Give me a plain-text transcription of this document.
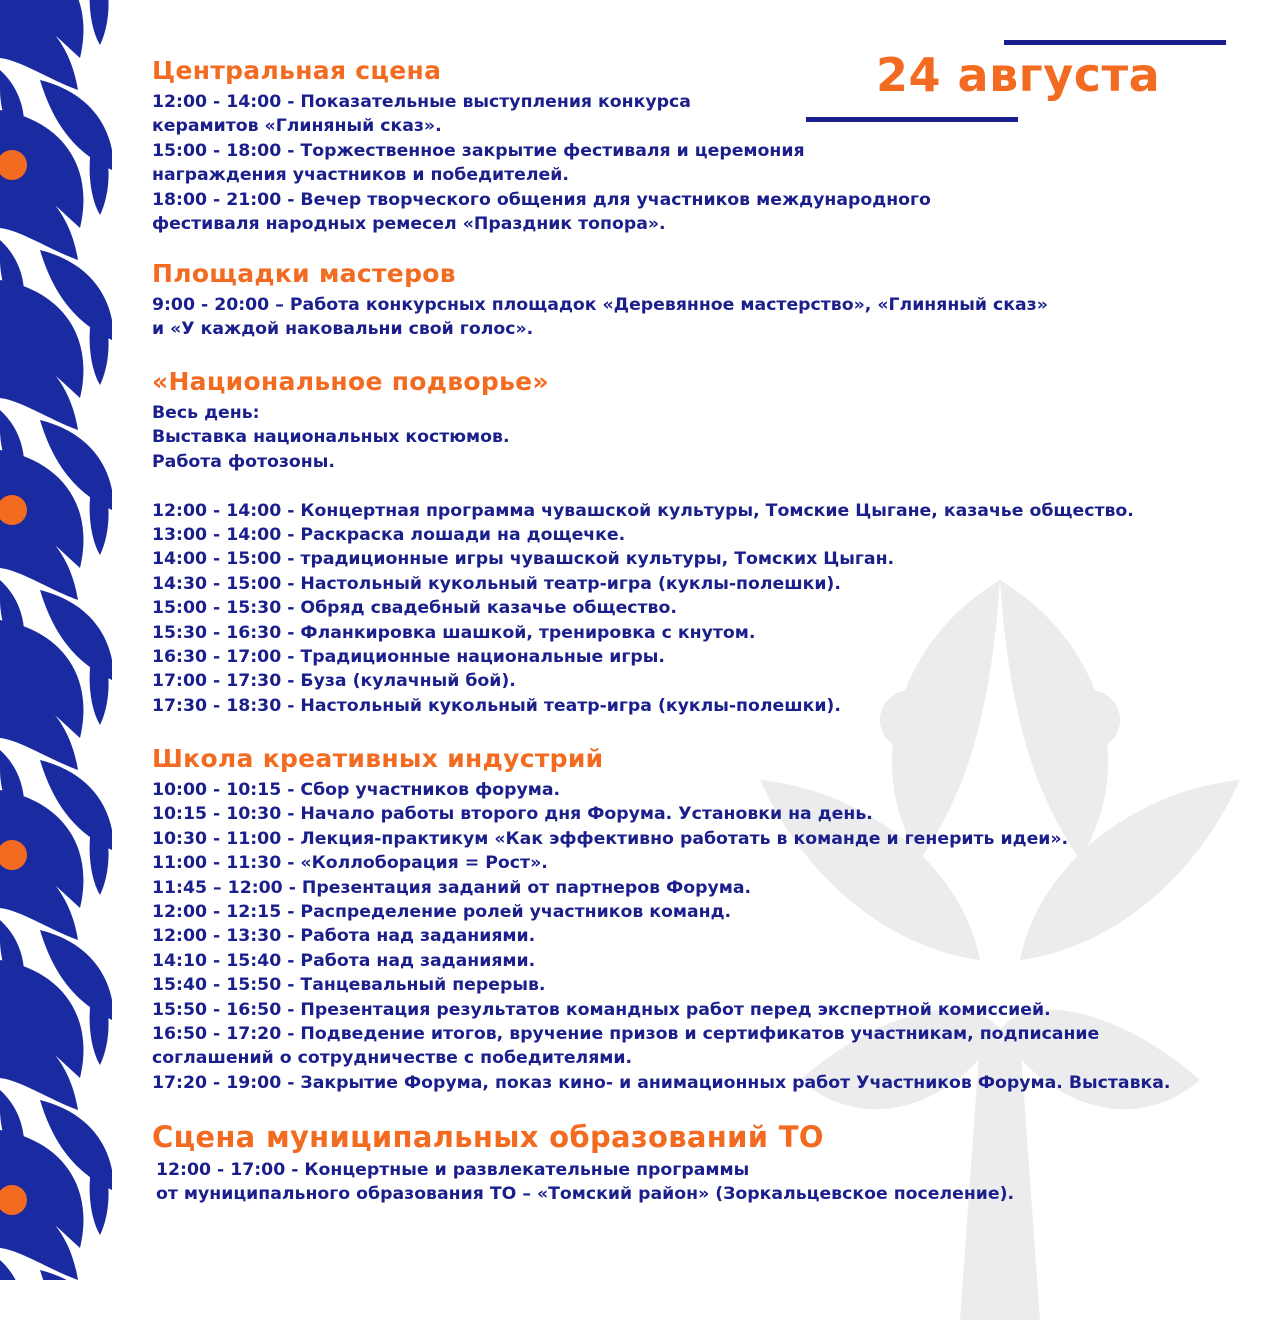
24 августа
Центральная сцена
12:00 - 14:00 - Показательные выступления конкурса
керамитов «Глиняный сказ».
15:00 - 18:00 - Торжественное закрытие фестиваля и церемония
награждения участников и победителей.
18:00 - 21:00 - Вечер творческого общения для участников международного
фестиваля народных ремесел «Праздник топора».
Площадки мастеров
9:00 - 20:00 – Работа конкурсных площадок «Деревянное мастерство», «Глиняный сказ»
и «У каждой наковальни свой голос».
«Национальное подворье»
Весь день:
Выставка национальных костюмов.
Работа фотозоны.
12:00 - 14:00 - Концертная программа чувашской культуры, Томские Цыгане, казачье общество.
13:00 - 14:00 - Раскраска лошади на дощечке.
14:00 - 15:00 - традиционные игры чувашской культуры, Томских Цыган.
14:30 - 15:00 - Настольный кукольный театр-игра (куклы-полешки).
15:00 - 15:30 - Обряд свадебный казачье общество.
15:30 - 16:30 - Фланкировка шашкой, тренировка с кнутом.
16:30 - 17:00 - Традиционные национальные игры.
17:00 - 17:30 - Буза (кулачный бой).
17:30 - 18:30 - Настольный кукольный театр-игра (куклы-полешки).
Школа креативных индустрий
10:00 - 10:15 - Сбор участников форума.
10:15 - 10:30 - Начало работы второго дня Форума. Установки на день.
10:30 - 11:00 - Лекция-практикум «Как эффективно работать в команде и генерить идеи».
11:00 - 11:30 - «Коллоборация = Рост».
11:45 – 12:00 - Презентация заданий от партнеров Форума.
12:00 - 12:15 - Распределение ролей участников команд.
12:00 - 13:30 - Работа над заданиями.
14:10 - 15:40 - Работа над заданиями.
15:40 - 15:50 - Танцевальный перерыв.
15:50 - 16:50 - Презентация результатов командных работ перед экспертной комиссией.
16:50 - 17:20 - Подведение итогов, вручение призов и сертификатов участникам, подписание
соглашений о сотрудничестве с победителями.
17:20 - 19:00 - Закрытие Форума, показ кино- и анимационных работ Участников Форума. Выставка.
Сцена муниципальных образований ТО
12:00 - 17:00 - Концертные и развлекательные программы
от муниципального образования ТО – «Томский район» (Зоркальцевское поселение).
